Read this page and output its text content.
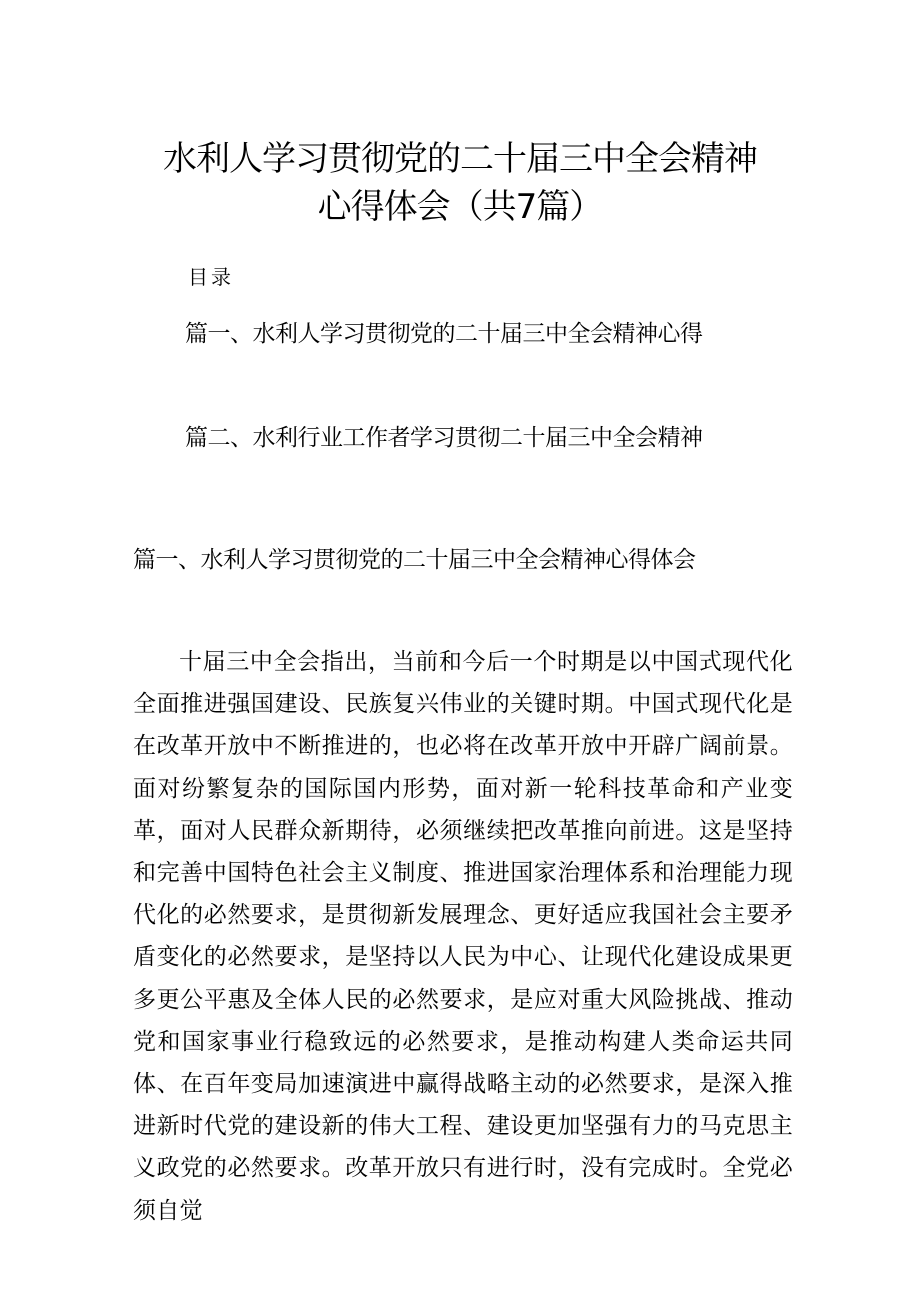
水利人学习贯彻党的二十届三中全会精神
心得体会（共7篇）
目录
篇一、水利人学习贯彻党的二十届三中全会精神心得
篇二、水利行业工作者学习贯彻二十届三中全会精神
篇一、水利人学习贯彻党的二十届三中全会精神心得体会

十届三中全会指出，当前和今后一个时期是以中国式现代化全面推进强国建设、民族复兴伟业的关键时期。中国式现代化是在改革开放中不断推进的，也必将在改革开放中开辟广阔前景。面对纷繁复杂的国际国内形势，面对新一轮科技革命和产业变革，面对人民群众新期待，必须继续把改革推向前进。这是坚持和完善中国特色社会主义制度、推进国家治理体系和治理能力现代化的必然要求，是贯彻新发展理念、更好适应我国社会主要矛盾变化的必然要求，是坚持以人民为中心、让现代化建设成果更多更公平惠及全体人民的必然要求，是应对重大风险挑战、推动党和国家事业行稳致远的必然要求，是推动构建人类命运共同体、在百年变局加速演进中赢得战略主动的必然要求，是深入推进新时代党的建设新的伟大工程、建设更加坚强有力的马克思主义政党的必然要求。改革开放只有进行时，没有完成时。全党必须自觉
